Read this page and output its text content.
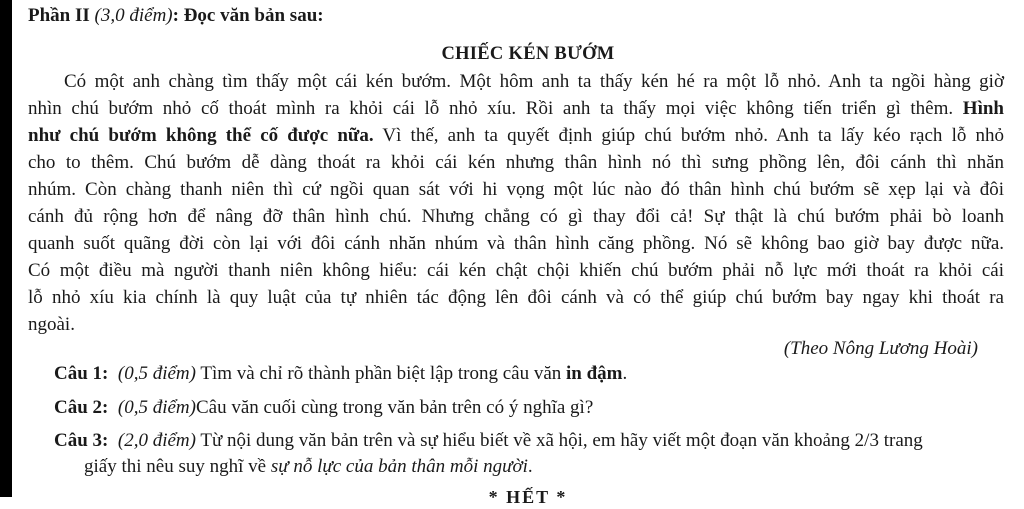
Phần II (3,0 điểm): Đọc văn bản sau:
CHIẾC KÉN BƯỚM
Có một anh chàng tìm thấy một cái kén bướm. Một hôm anh ta thấy kén hé ra một lỗ nhỏ. Anh ta ngồi hàng giờ
nhìn chú bướm nhỏ cố thoát mình ra khỏi cái lỗ nhỏ xíu. Rồi anh ta thấy mọi việc không tiến triển gì thêm. Hình
như chú bướm không thể cố được nữa. Vì thế, anh ta quyết định giúp chú bướm nhỏ. Anh ta lấy kéo rạch lỗ nhỏ
cho to thêm. Chú bướm dễ dàng thoát ra khỏi cái kén nhưng thân hình nó thì sưng phồng lên, đôi cánh thì nhăn
nhúm. Còn chàng thanh niên thì cứ ngồi quan sát với hi vọng một lúc nào đó thân hình chú bướm sẽ xẹp lại và đôi
cánh đủ rộng hơn để nâng đỡ thân hình chú. Nhưng chẳng có gì thay đổi cả! Sự thật là chú bướm phải bò loanh
quanh suốt quãng đời còn lại với đôi cánh nhăn nhúm và thân hình căng phồng. Nó sẽ không bao giờ bay được nữa.
Có một điều mà người thanh niên không hiểu: cái kén chật chội khiến chú bướm phải nỗ lực mới thoát ra khỏi cái
lỗ nhỏ xíu kia chính là quy luật của tự nhiên tác động lên đôi cánh và có thể giúp chú bướm bay ngay khi thoát ra
ngoài.
(Theo Nông Lương Hoài)
Câu 1: (0,5 điểm) Tìm và chỉ rõ thành phần biệt lập trong câu văn in đậm.
Câu 2: (0,5 điểm)Câu văn cuối cùng trong văn bản trên có ý nghĩa gì?
Câu 3: (2,0 điểm) Từ nội dung văn bản trên và sự hiểu biết về xã hội, em hãy viết một đoạn văn khoảng 2/3 trang
giấy thi nêu suy nghĩ về sự nỗ lực của bản thân mỗi người.
* HẾT *
